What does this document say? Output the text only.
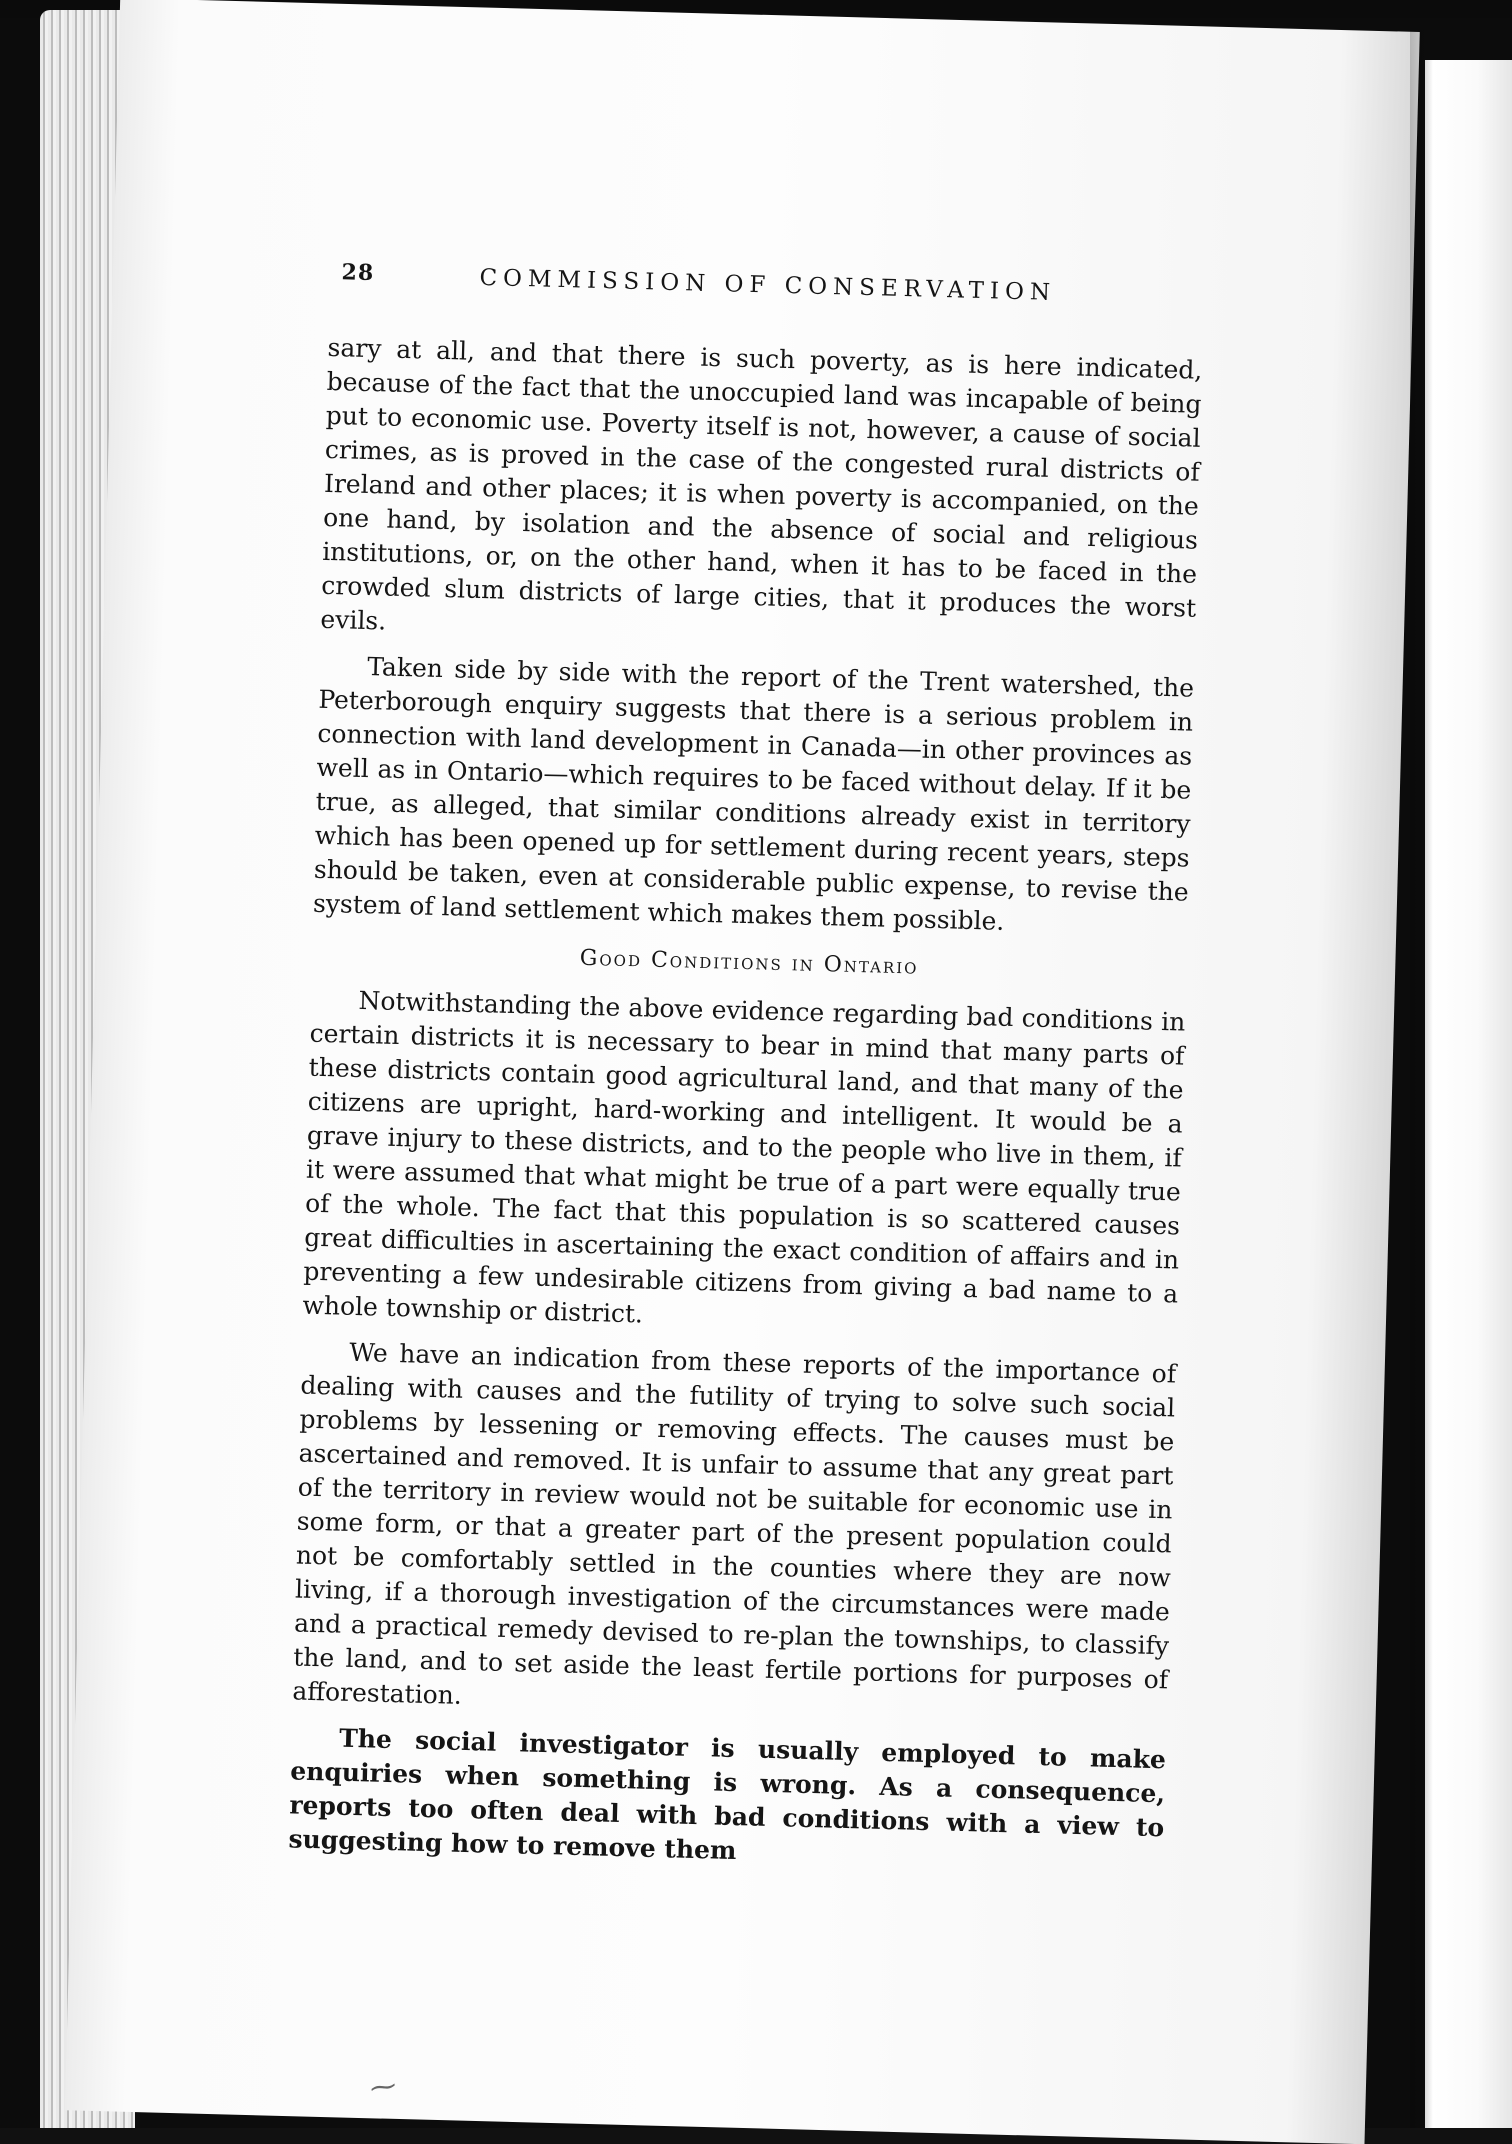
28	COMMISSION OF CONSERVATION

sary at all, and that there is such poverty, as is here indicated, because of the fact that the unoccupied land was incapable of being put to economic use. Poverty itself is not, however, a cause of social crimes, as is proved in the case of the congested rural districts of Ireland and other places; it is when poverty is accompanied, on the one hand, by isolation and the absence of social and religious institutions, or, on the other hand, when it has to be faced in the crowded slum districts of large cities, that it produces the worst evils.

Taken side by side with the report of the Trent watershed, the Peterborough enquiry suggests that there is a serious problem in connection with land development in Canada—in other provinces as well as in Ontario—which requires to be faced without delay. If it be true, as alleged, that similar conditions already exist in territory which has been opened up for settlement during recent years, steps should be taken, even at considerable public expense, to revise the system of land settlement which makes them possible.

Good Conditions in Ontario

Notwithstanding the above evidence regarding bad conditions in certain districts it is necessary to bear in mind that many parts of these districts contain good agricultural land, and that many of the citizens are upright, hard-working and intelligent. It would be a grave injury to these districts, and to the people who live in them, if it were assumed that what might be true of a part were equally true of the whole. The fact that this population is so scattered causes great difficulties in ascertaining the exact condition of affairs and in preventing a few undesirable citizens from giving a bad name to a whole township or district.

We have an indication from these reports of the importance of dealing with causes and the futility of trying to solve such social problems by lessening or removing effects. The causes must be ascertained and removed. It is unfair to assume that any great part of the territory in review would not be suitable for economic use in some form, or that a greater part of the present population could not be comfortably settled in the counties where they are now living, if a thorough investigation of the circumstances were made and a practical remedy devised to re-plan the townships, to classify the land, and to set aside the least fertile portions for purposes of afforestation.

The social investigator is usually employed to make enquiries when something is wrong. As a consequence, reports too often deal with bad conditions with a view to suggesting how to remove them

⁓
